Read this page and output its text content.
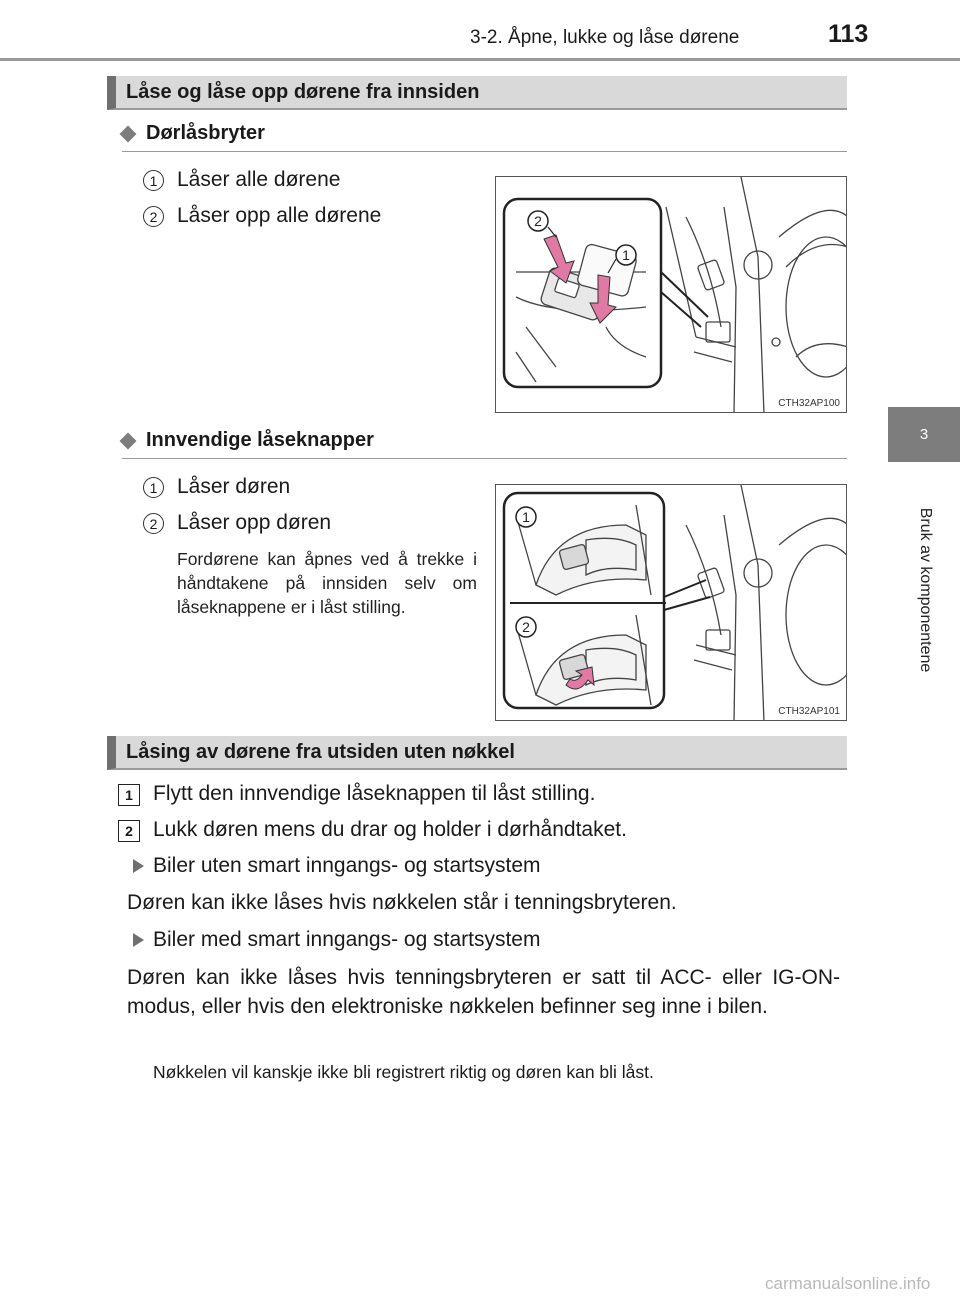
3-2. Åpne, lukke og låse dørene	113
3
Bruk av komponentene
Låse og låse opp dørene fra innsiden
Dørlåsbryter
1 Låser alle dørene
2 Låser opp alle dørene	2
1
CTH32AP100
Innvendige låseknapper
1 Låser døren
2 Låser opp døren
Fordørene kan åpnes ved å trekke i håndtakene på innsiden selv om låseknappene er i låst stilling.
1
2
CTH32AP101
Låsing av dørene fra utsiden uten nøkkel
1 Flytt den innvendige låseknappen til låst stilling.
2 Lukk døren mens du drar og holder i dørhåndtaket.
Biler uten smart inngangs- og startsystem
Døren kan ikke låses hvis nøkkelen står i tenningsbryteren.
Biler med smart inngangs- og startsystem
Døren kan ikke låses hvis tenningsbryteren er satt til ACC- eller IG-ON-modus, eller hvis den elektroniske nøkkelen befinner seg inne i bilen.
Nøkkelen vil kanskje ikke bli registrert riktig og døren kan bli låst.
carmanualsonline.info
